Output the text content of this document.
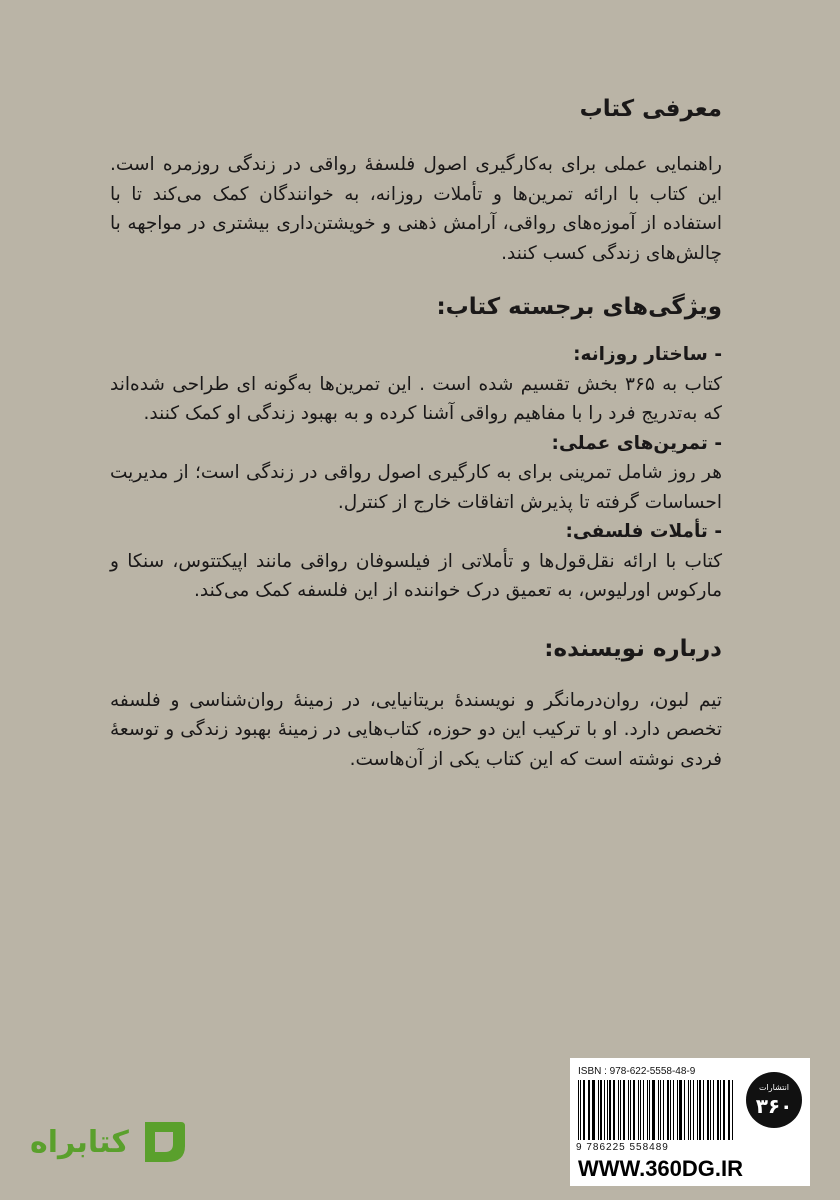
معرفی کتاب

راهنمایی عملی برای به‌کارگیری اصول فلسفۀ رواقی در زندگی روزمره است. این کتاب با ارائه تمرین‌ها و تأملات روزانه، به خوانندگان کمک می‌کند تا با استفاده از آموزه‌های رواقی، آرامش ذهنی و خویشتن‌داری بیشتری در مواجهه با چالش‌های زندگی کسب کنند.

ویژگی‌های برجسته کتاب:
- ساختار روزانه:

کتاب به ۳۶۵ بخش تقسیم شده است . این تمرین‌ها به‌گونه ای طراحی شده‌اند که به‌تدریج فرد را با مفاهیم رواقی آشنا کرده و به بهبود زندگی او کمک کنند.

- تمرین‌های عملی:

هر روز شامل تمرینی برای به کارگیری اصول رواقی در زندگی است؛ از مدیریت احساسات گرفته تا پذیرش اتفاقات خارج از کنترل.

- تأملات فلسفی:

کتاب با ارائه نقل‌قول‌ها و تأملاتی از فیلسوفان رواقی مانند اپیکتتوس، سنکا و مارکوس اورلیوس، به تعمیق درک خواننده از این فلسفه کمک می‌کند.

درباره نویسنده:

تیم لبون، روان‌درمانگر و نویسندۀ بریتانیایی، در زمینۀ روان‌شناسی و فلسفه تخصص دارد. او با ترکیب این دو حوزه، کتاب‌هایی در زمینۀ بهبود زندگی و توسعۀ فردی نوشته است که این کتاب یکی از آن‌هاست.

کتابراه
ISBN : 978-622-5558-48-9
9 786225 558489
WWW.360DG.IR
انتشارات
۳۶۰
